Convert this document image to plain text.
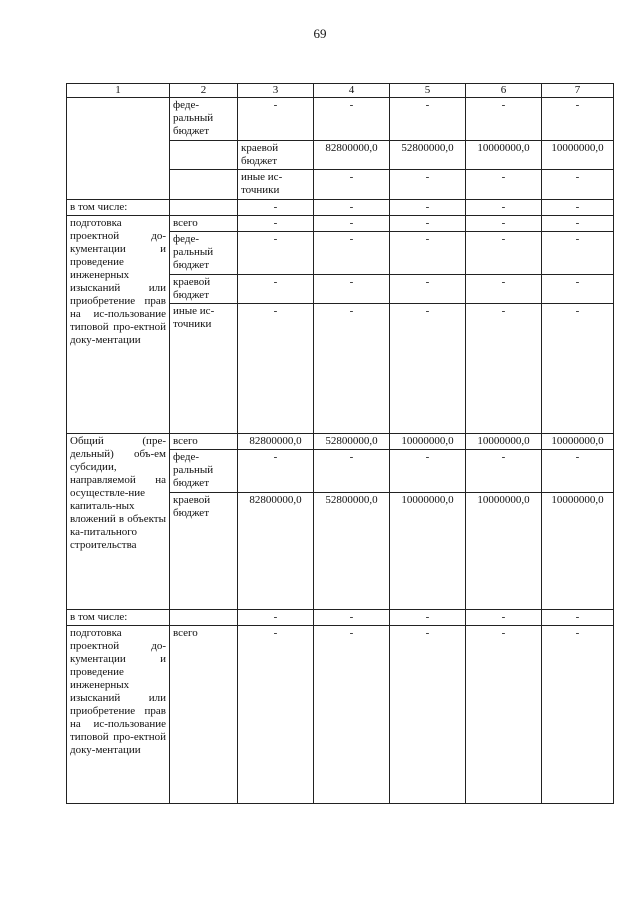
69
1	2	3	4	5	6	7	
	феде-
ральный
бюджет	-	-	-	-	-	
		краевой
бюджет	82800000,0	52800000,0	10000000,0	10000000,0	
		иные ис-
точники	-	-	-	-	
в том числе:		-	-	-	-	-	
подготовка проектной до-кументации и проведение инженерных изысканий или приобретение прав на ис-пользование типовой про-ектной доку-ментации	всего	-	-	-	-	-	
	феде-
ральный
бюджет	-	-	-	-	-	
	краевой
бюджет	-	-	-	-	-	
	иные ис-
точники	-	-	-	-	-	
Общий (пре-дельный) объ-ем субсидии, направляемой на осуществле-ние капиталь-ных вложений в объекты ка-питального строительства	всего	82800000,0	52800000,0	10000000,0	10000000,0	10000000,0	
	феде-
ральный
бюджет	-	-	-	-	-	
	краевой
бюджет	82800000,0	52800000,0	10000000,0	10000000,0	10000000,0	
в том числе:		-	-	-	-	-	
подготовка проектной до-кументации и проведение инженерных изысканий или приобретение прав на ис-пользование типовой про-ектной доку-ментации	всего	-	-	-	-	-	
